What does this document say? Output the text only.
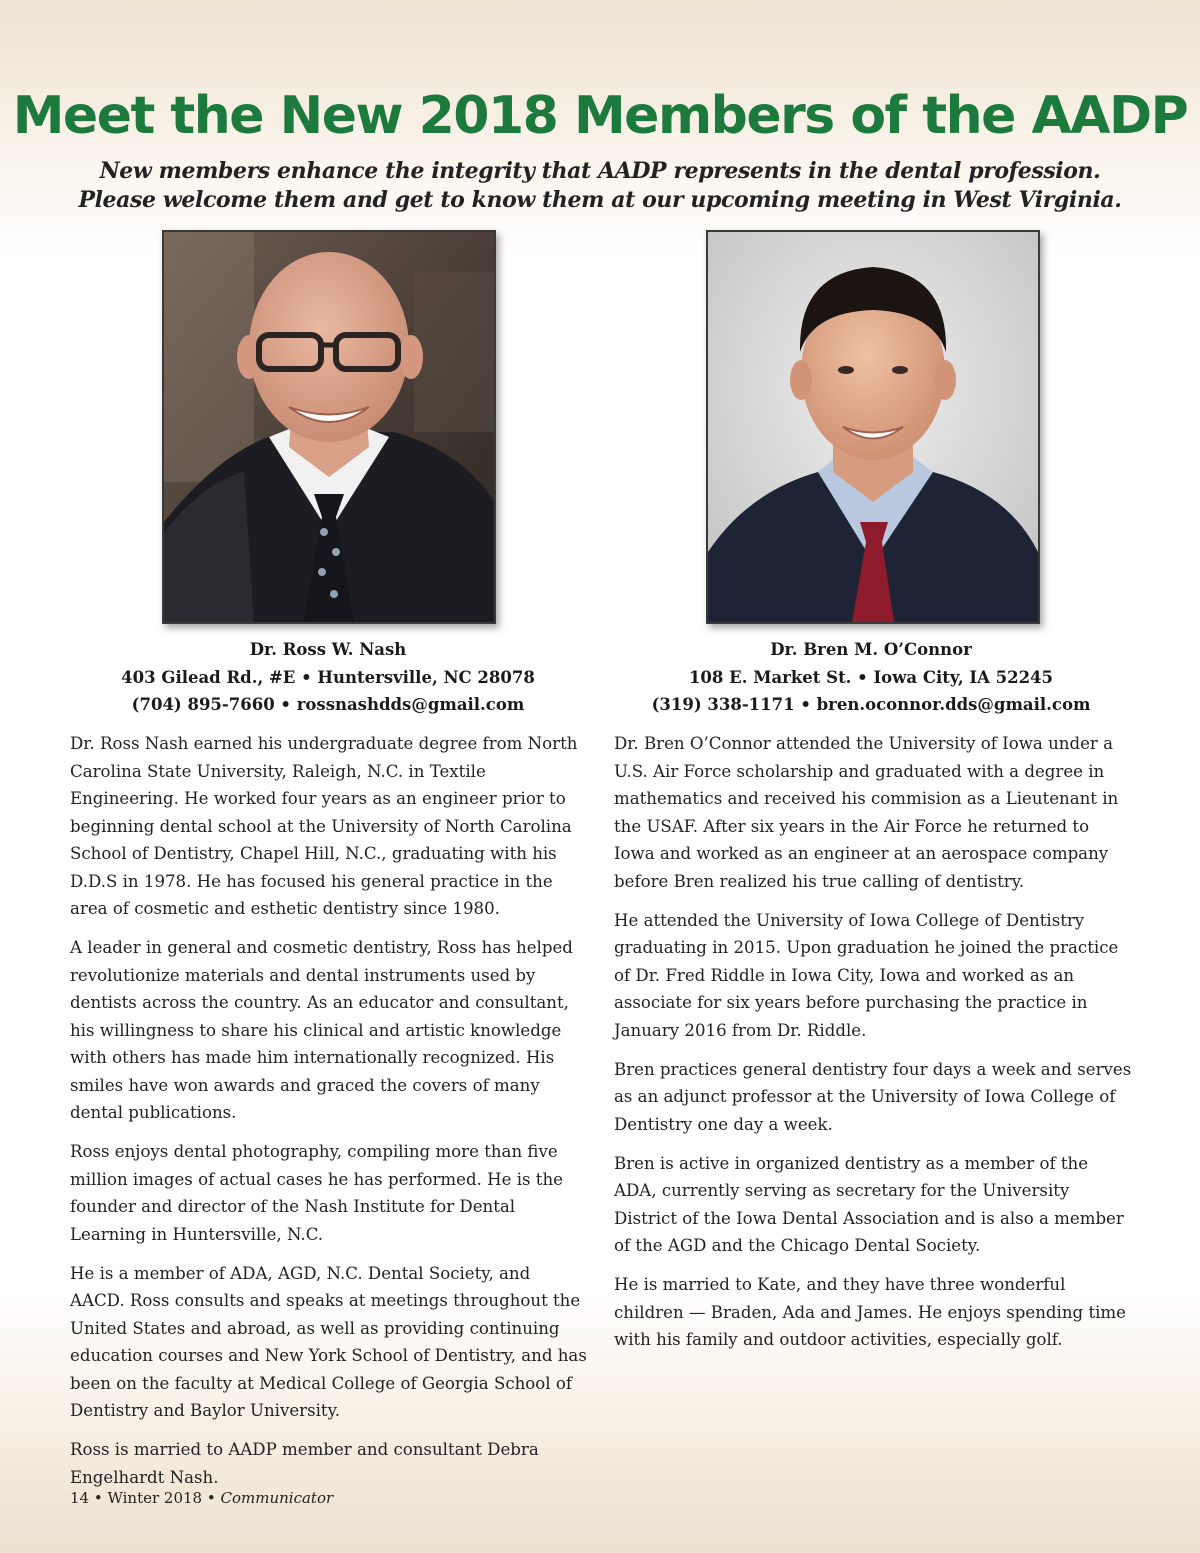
Meet the New 2018 Members of the AADP

New members enhance the integrity that AADP represents in the dental profession.

Please welcome them and get to know them at our upcoming meeting in West Virginia.

Dr. Ross W. Nash
403 Gilead Rd., #E • Huntersville, NC 28078
(704) 895-7660 • rossnashdds@gmail.com
Dr. Bren M. O’Connor
108 E. Market St. • Iowa City, IA 52245
(319) 338-1171 • bren.oconnor.dds@gmail.com

Dr. Ross Nash earned his undergraduate degree from North Carolina State University, Raleigh, N.C. in Textile Engineering. He worked four years as an engineer prior to beginning dental school at the University of North Carolina School of Dentistry, Chapel Hill, N.C., graduating with his D.D.S in 1978. He has focused his general practice in the area of cosmetic and esthetic dentistry since 1980.

A leader in general and cosmetic dentistry, Ross has helped revolutionize materials and dental instruments used by dentists across the country. As an educator and consultant, his willingness to share his clinical and artistic knowledge with others has made him internationally recognized. His smiles have won awards and graced the covers of many dental publications.

Ross enjoys dental photography, compiling more than five million images of actual cases he has performed. He is the founder and director of the Nash Institute for Dental Learning in Huntersville, N.C.

He is a member of ADA, AGD, N.C. Dental Society, and AACD. Ross consults and speaks at meetings throughout the United States and abroad, as well as providing continuing education courses and New York School of Dentistry, and has been on the faculty at Medical College of Georgia School of Dentistry and Baylor University.

Ross is married to AADP member and consultant Debra Engelhardt Nash.

Dr. Bren O’Connor attended the University of Iowa under a U.S. Air Force scholarship and graduated with a degree in mathematics and received his commision as a Lieutenant in the USAF. After six years in the Air Force he returned to Iowa and worked as an engineer at an aerospace company before Bren realized his true calling of dentistry.

He attended the University of Iowa College of Dentistry graduating in 2015. Upon graduation he joined the practice of Dr. Fred Riddle in Iowa City, Iowa and worked as an associate for six years before purchasing the practice in January 2016 from Dr. Riddle.

Bren practices general dentistry four days a week and serves as an adjunct professor at the University of Iowa College of Dentistry one day a week.

Bren is active in organized dentistry as a member of the ADA, currently serving as secretary for the University District of the Iowa Dental Association and is also a member of the AGD and the Chicago Dental Society.

He is married to Kate, and they have three wonderful children — Braden, Ada and James. He enjoys spending time with his family and outdoor activities, especially golf.

14 • Winter 2018 • Communicator
